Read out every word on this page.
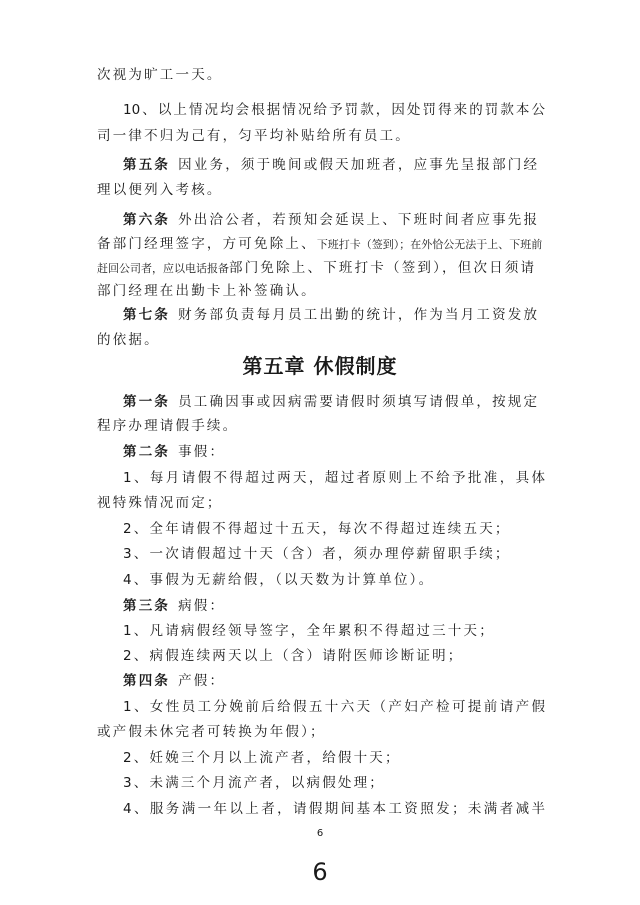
次视为旷工一天。
10、以上情况均会根据情况给予罚款，因处罚得来的罚款本公
司一律不归为己有，匀平均补贴给所有员工。
第五条 因业务，须于晚间或假天加班者，应事先呈报部门经
理以便列入考核。
第六条 外出洽公者，若预知会延误上、下班时间者应事先报
备部门经理签字，方可免除上、下班打卡（签到）；在外恰公无法于上、下班前
赶回公司者，应以电话报备部门免除上、下班打卡（签到），但次日须请
部门经理在出勤卡上补签确认。
第七条 财务部负责每月员工出勤的统计，作为当月工资发放
的依据。
第五章 休假制度
第一条 员工确因事或因病需要请假时须填写请假单，按规定
程序办理请假手续。
第二条 事假：
1、每月请假不得超过两天，超过者原则上不给予批准，具体
视特殊情况而定；
2、全年请假不得超过十五天，每次不得超过连续五天；
3、一次请假超过十天（含）者，须办理停薪留职手续；
4、事假为无薪给假，（以天数为计算单位）。
第三条 病假：
1、凡请病假经领导签字，全年累积不得超过三十天；
2、病假连续两天以上（含）请附医师诊断证明；
第四条 产假：
1、女性员工分娩前后给假五十六天（产妇产检可提前请产假
或产假未休完者可转换为年假）；
2、妊娩三个月以上流产者，给假十天；
3、未满三个月流产者，以病假处理；
4、服务满一年以上者，请假期间基本工资照发；未满者减半
6
6
